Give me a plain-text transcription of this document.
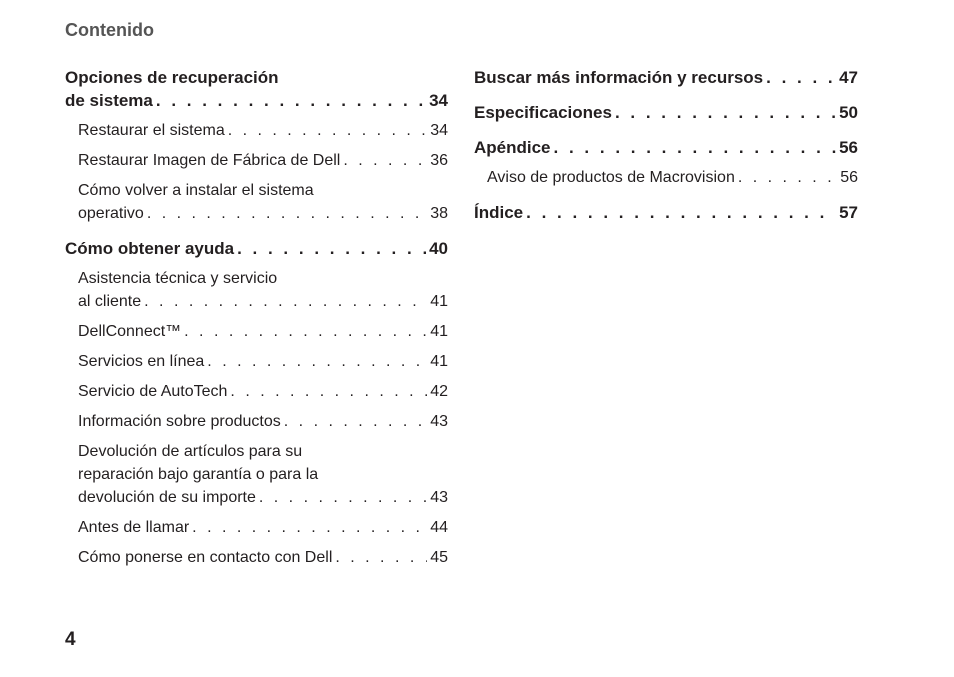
Contenido
Opciones de recuperación
de sistema . . .	34
Restaurar el sistema . . .	34
Restaurar Imagen de Fábrica de Dell . . .	36
Cómo volver a instalar el sistema
operativo . . .	38
Cómo obtener ayuda . . .	40
Asistencia técnica y servicio
al cliente . . .	41
DellConnect™ . . .	41
Servicios en línea . . .	41
Servicio de AutoTech . . .	42
Información sobre productos . . .	43
Devolución de artículos para su
reparación bajo garantía o para la
devolución de su importe . . .	43
Antes de llamar . . .	44
Cómo ponerse en contacto con Dell . . .	45
Buscar más información y recursos . . .	47
Especificaciones . . .	50
Apéndice . . .	56
Aviso de productos de Macrovision . . .	56
Índice . . .	57
4
